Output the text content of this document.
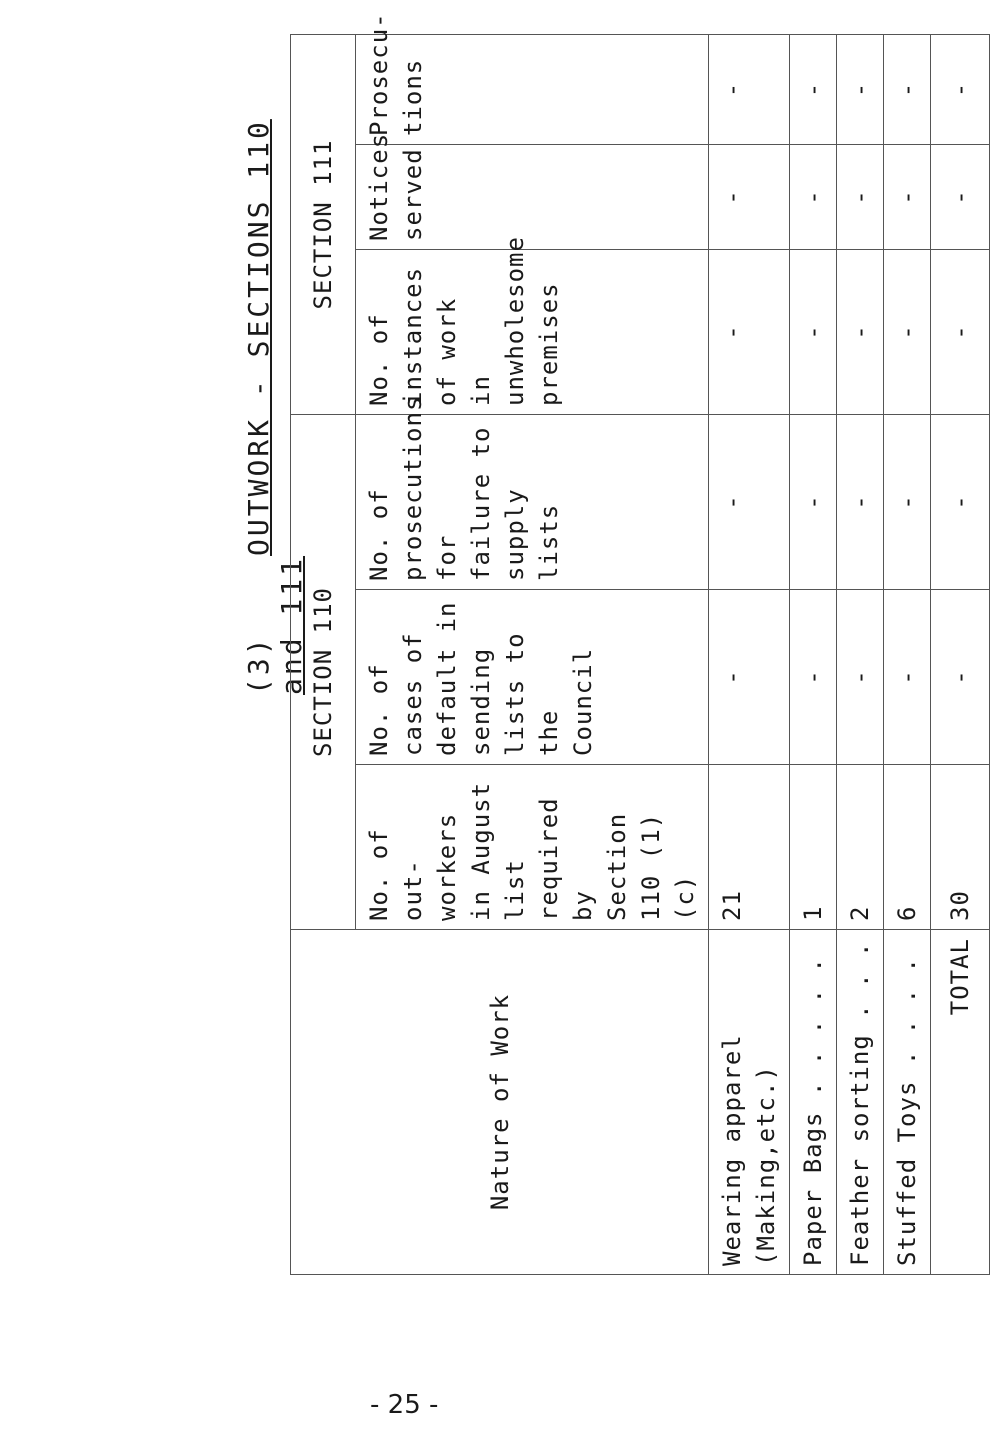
(3)    OUTWORK - SECTIONS 110 and 111
Nature of Work	SECTION 110			SECTION 111		
	No. of out-workers in August list required by Section 110 (1)(c)	No. of cases of default in sending lists to the Council	No. of prosecutions for failure to supply lists	No. of instances of work in unwholesome premises	Notices served	Prosecu-tions
Wearing apparel (Making,etc.)	21	-	-	-	-	-
Paper Bags . . . . .	1	-	-	-	-	-
Feather sorting . . .	2	-	-	-	-	-
Stuffed Toys . . . .	6	-	-	-	-	-
TOTAL	30	-	-	-	-	-
- 25 -
